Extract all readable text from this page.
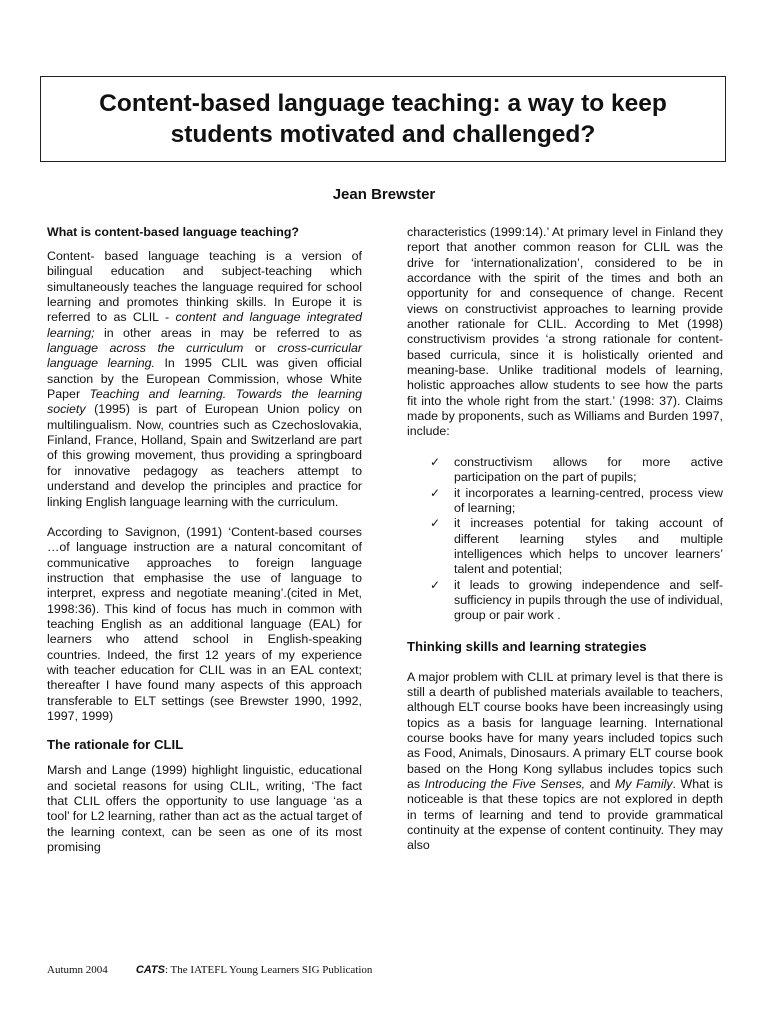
Content-based language teaching: a way to keep students motivated and challenged?
Jean Brewster
What is content-based language teaching?

Content- based language teaching is a version of bilingual education and subject-teaching which simultaneously teaches the language required for school learning and promotes thinking skills. In Europe it is referred to as CLIL - content and language integrated learning; in other areas in may be referred to as language across the curriculum or cross-curricular language learning. In 1995 CLIL was given official sanction by the European Commission, whose White Paper Teaching and learning. Towards the learning society (1995) is part of European Union policy on multilingualism. Now, countries such as Czechoslovakia, Finland, France, Holland, Spain and Switzerland are part of this growing movement, thus providing a springboard for innovative pedagogy as teachers attempt to understand and develop the principles and practice for linking English language learning with the curriculum.

According to Savignon, (1991) ‘Content-based courses …of language instruction are a natural concomitant of communicative approaches to foreign language instruction that emphasise the use of language to interpret, express and negotiate meaning’.(cited in Met, 1998:36). This kind of focus has much in common with teaching English as an additional language (EAL) for learners who attend school in English-speaking countries. Indeed, the first 12 years of my experience with teacher education for CLIL was in an EAL context; thereafter I have found many aspects of this approach transferable to ELT settings (see Brewster 1990, 1992, 1997, 1999)

The rationale for CLIL

Marsh and Lange (1999) highlight linguistic, educational and societal reasons for using CLIL, writing, ‘The fact that CLIL offers the opportunity to use language ‘as a tool’ for L2 learning, rather than act as the actual target of the learning context, can be seen as one of its most promising

characteristics (1999:14).’ At primary level in Finland they report that another common reason for CLIL was the drive for ‘internationalization’, considered to be in accordance with the spirit of the times and both an opportunity for and consequence of change. Recent views on constructivist approaches to learning provide another rationale for CLIL. According to Met (1998) constructivism provides ‘a strong rationale for content-based curricula, since it is holistically oriented and meaning-base. Unlike traditional models of learning, holistic approaches allow students to see how the parts fit into the whole right from the start.’ (1998: 37). Claims made by proponents, such as Williams and Burden 1997, include:

✓ constructivism allows for more active participation on the part of pupils;
✓ it incorporates a learning-centred, process view of learning;
✓ it increases potential for taking account of different learning styles and multiple intelligences which helps to uncover learners’ talent and potential;
✓ it leads to growing independence and self-sufficiency in pupils through the use of individual, group or pair work .
Thinking skills and learning strategies

A major problem with CLIL at primary level is that there is still a dearth of published materials available to teachers, although ELT course books have been increasingly using topics as a basis for language learning. International course books have for many years included topics such as Food, Animals, Dinosaurs. A primary ELT course book based on the Hong Kong syllabus includes topics such as Introducing the Five Senses, and My Family. What is noticeable is that these topics are not explored in depth in terms of learning and tend to provide grammatical continuity at the expense of content continuity. They may also

Autumn 2004	CATS: The IATEFL Young Learners SIG Publication
